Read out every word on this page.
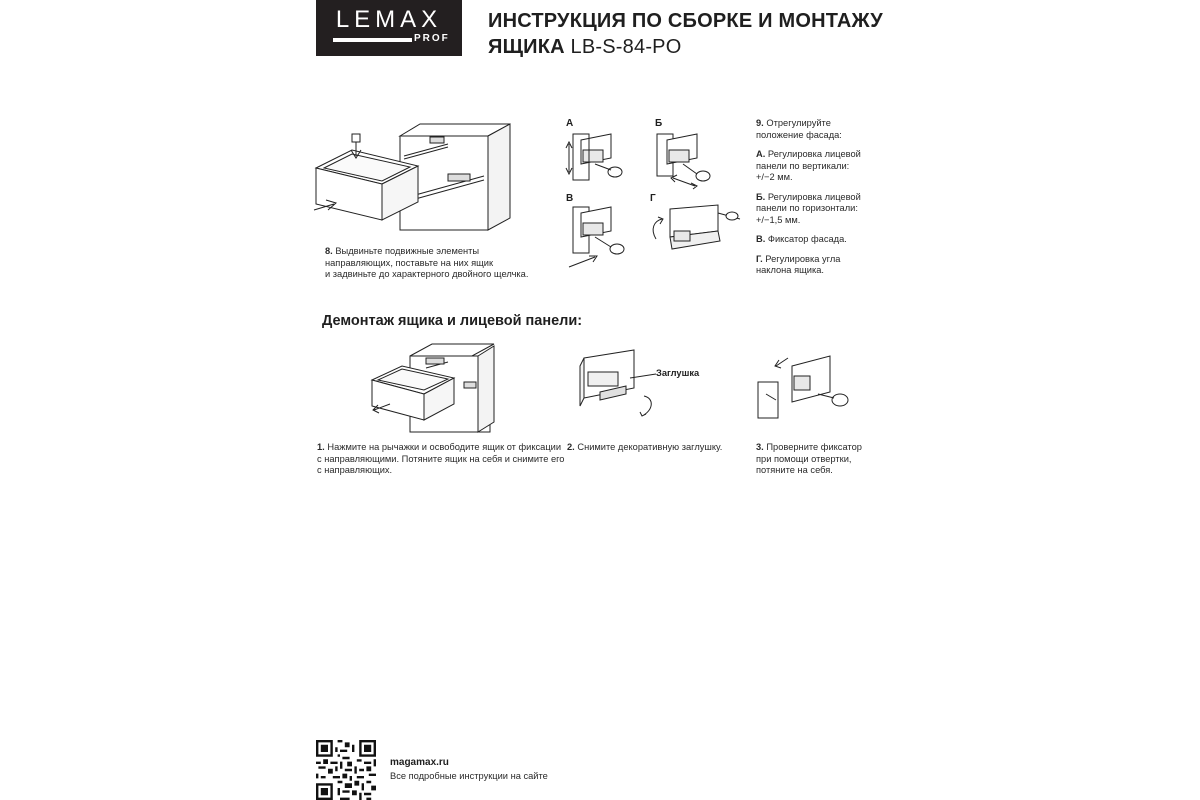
LEMAX
PROF
ИНСТРУКЦИЯ ПО СБОРКЕ И МОНТАЖУ
ЯЩИКА LB-S-84-PO
8. Выдвиньте подвижные элементы
направляющих, поставьте на них ящик
и задвиньте до характерного двойного щелчка.
А	Б
В	Г
9. Отрегулируйте
положение фасада:
А. Регулировка лицевой
панели по вертикали:
+/−2 мм.
Б. Регулировка лицевой
панели по горизонтали:
+/−1,5 мм.
В. Фиксатор фасада.
Г. Регулировка угла
наклона ящика.
Демонтаж ящика и лицевой панели:
Заглушка
1. Нажмите на рычажки и освободите ящик от фиксации
с направляющими. Потяните ящик на себя и снимите его
с направляющих.
2. Снимите декоративную заглушку.	3. Проверните фиксатор
при помощи отвертки,
потяните на себя.
magamax.ru
Все подробные инструкции на сайте
